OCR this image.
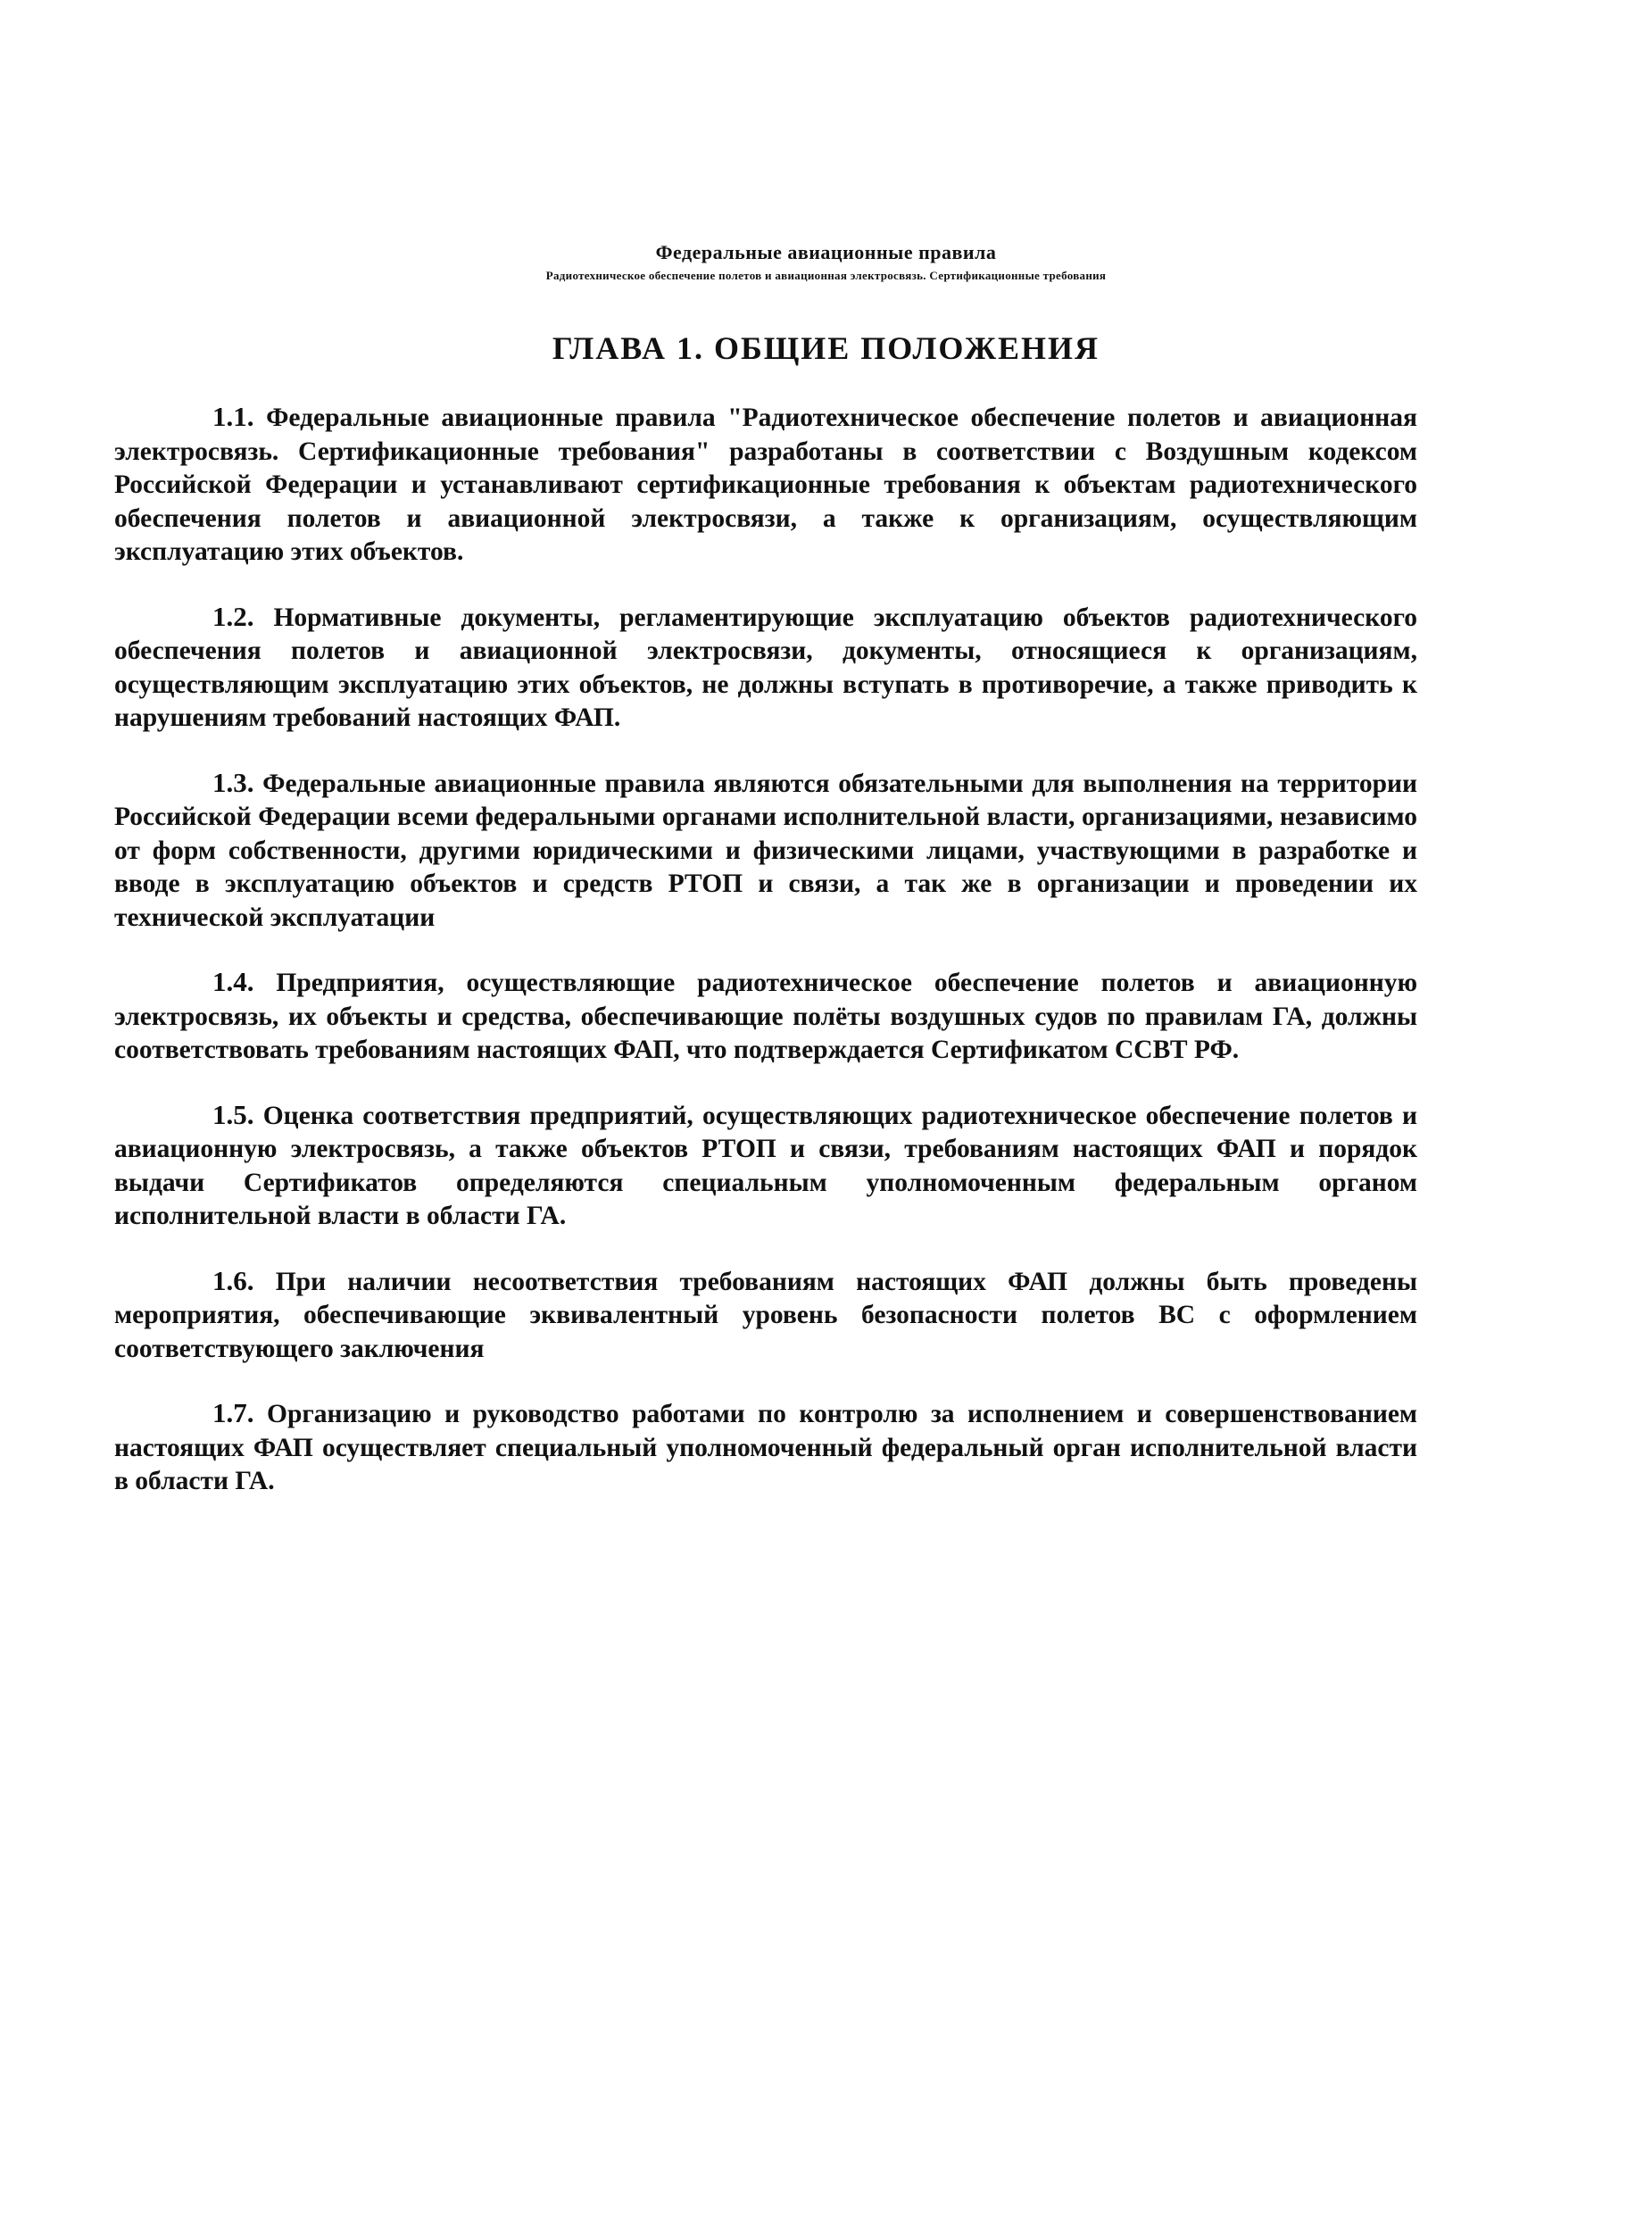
Федеральные авиационные правила
Радиотехническое обеспечение полетов и авиационная электросвязь. Сертификационные требования
ГЛАВА 1. ОБЩИЕ ПОЛОЖЕНИЯ

1.1. Федеральные авиационные правила "Радиотехническое обеспечение полетов и авиационная электросвязь. Сертификационные требования" разработаны в соответствии с Воздушным кодексом Российской Федерации и устанавливают сертификационные требования к объектам радиотехнического обеспечения полетов и авиационной электросвязи, а также к организациям, осуществляющим эксплуатацию этих объектов.

1.2. Нормативные документы, регламентирующие эксплуатацию объектов радиотехнического обеспечения полетов и авиационной электросвязи, документы, относящиеся к организациям, осуществляющим эксплуатацию этих объектов, не должны вступать в противоречие, а также приводить к нарушениям требований настоящих ФАП.

1.3. Федеральные авиационные правила являются обязательными для выполнения на территории Российской Федерации всеми федеральными органами исполнительной власти, организациями, независимо от форм собственности, другими юридическими и физическими лицами, участвующими в разработке и вводе в эксплуатацию объектов и средств РТОП и связи, а так же в организации и проведении их технической эксплуатации

1.4. Предприятия, осуществляющие радиотехническое обеспечение полетов и авиационную электросвязь, их объекты и средства, обеспечивающие полёты воздушных судов по правилам ГА, должны соответствовать требованиям настоящих ФАП, что подтверждается Сертификатом ССВТ РФ.

1.5. Оценка соответствия предприятий, осуществляющих радиотехническое обеспечение полетов и авиационную электросвязь, а также объектов РТОП и связи, требованиям настоящих ФАП и порядок выдачи Сертификатов определяются специальным уполномоченным федеральным органом исполнительной власти в области ГА.

1.6. При наличии несоответствия требованиям настоящих ФАП должны быть проведены мероприятия, обеспечивающие эквивалентный уровень безопасности полетов ВС с оформлением соответствующего заключения

1.7. Организацию и руководство работами по контролю за исполнением и совершенствованием настоящих ФАП осуществляет специальный уполномоченный федеральный орган исполнительной власти в области ГА.
